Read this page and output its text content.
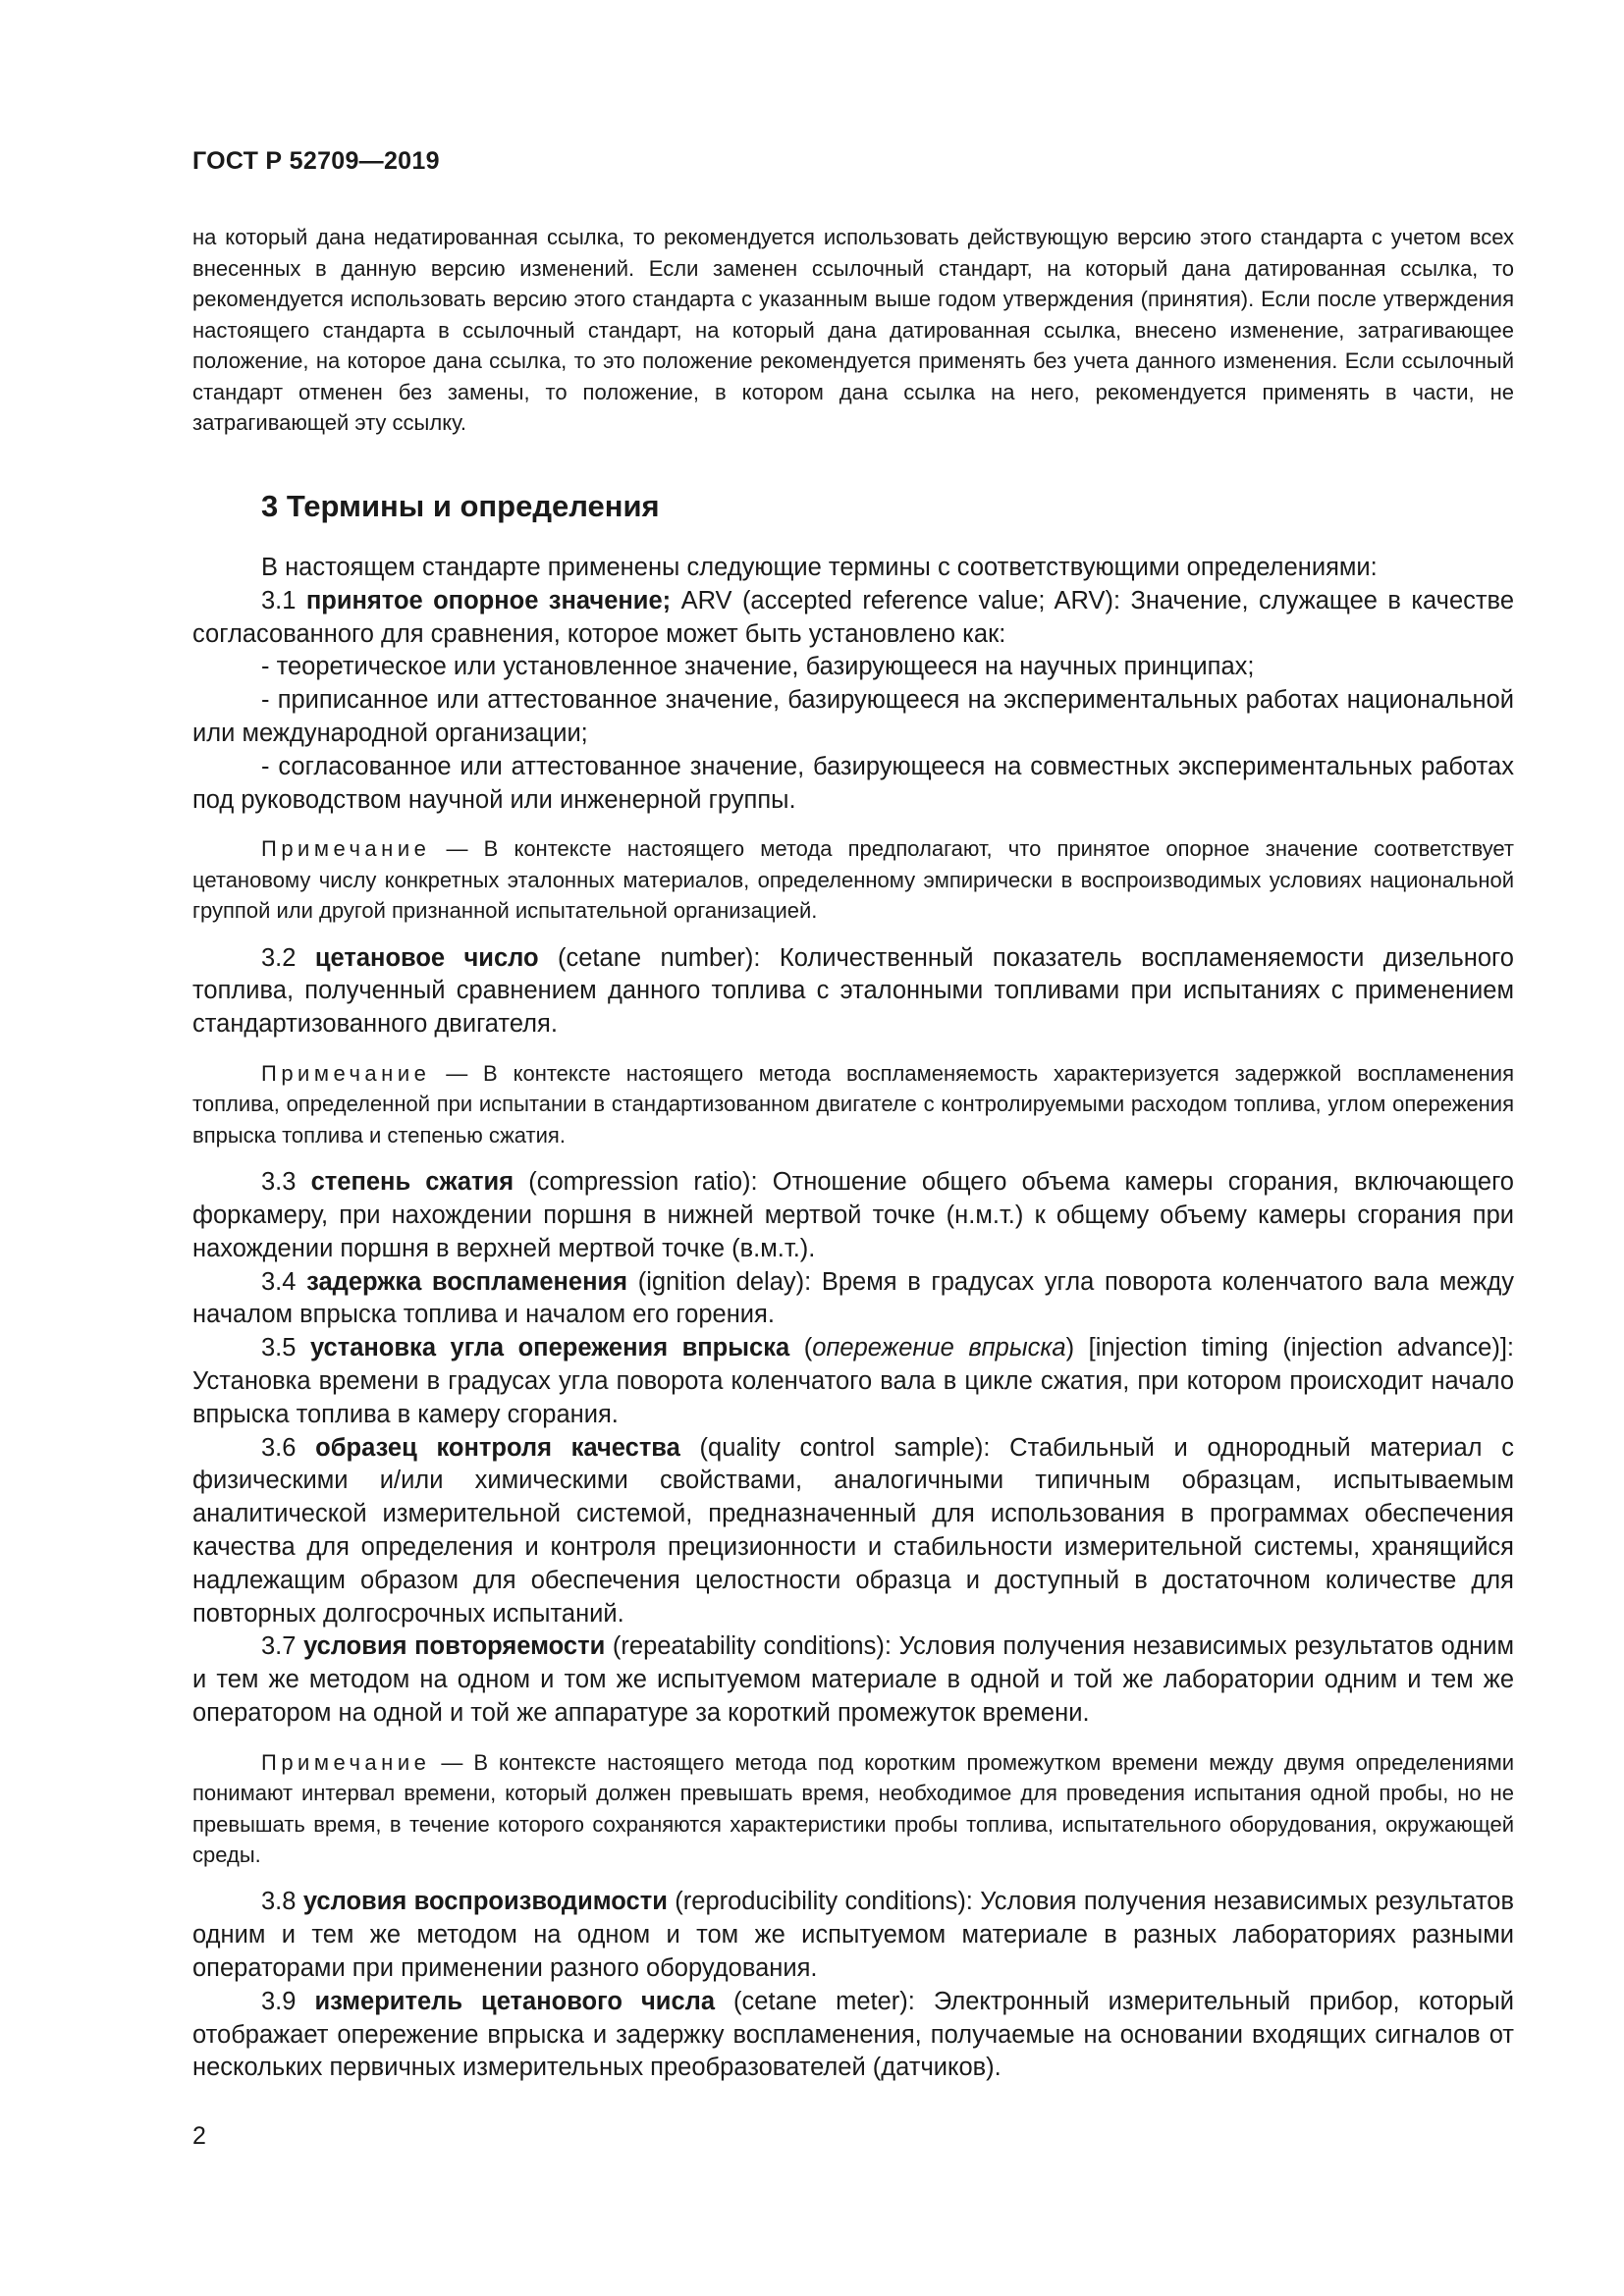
ГОСТ Р 52709—2019

на который дана недатированная ссылка, то рекомендуется использовать действующую версию этого стандарта с учетом всех внесенных в данную версию изменений. Если заменен ссылочный стандарт, на который дана датированная ссылка, то рекомендуется использовать версию этого стандарта с указанным выше годом утверждения (принятия). Если после утверждения настоящего стандарта в ссылочный стандарт, на который дана датированная ссылка, внесено изменение, затрагивающее положение, на которое дана ссылка, то это положение рекомендуется применять без учета данного изменения. Если ссылочный стандарт отменен без замены, то положение, в котором дана ссылка на него, рекомендуется применять в части, не затрагивающей эту ссылку.

3 Термины и определения

В настоящем стандарте применены следующие термины с соответствующими определениями:

3.1 принятое опорное значение; ARV (accepted reference value; ARV): Значение, служащее в качестве согласованного для сравнения, которое может быть установлено как:

- теоретическое или установленное значение, базирующееся на научных принципах;

- приписанное или аттестованное значение, базирующееся на экспериментальных работах национальной или международной организации;

- согласованное или аттестованное значение, базирующееся на совместных экспериментальных работах под руководством научной или инженерной группы.

Примечание — В контексте настоящего метода предполагают, что принятое опорное значение соответствует цетановому числу конкретных эталонных материалов, определенному эмпирически в воспроизводимых условиях национальной группой или другой признанной испытательной организацией.

3.2 цетановое число (cetane number): Количественный показатель воспламеняемости дизельного топлива, полученный сравнением данного топлива с эталонными топливами при испытаниях с применением стандартизованного двигателя.

Примечание — В контексте настоящего метода воспламеняемость характеризуется задержкой воспламенения топлива, определенной при испытании в стандартизованном двигателе с контролируемыми расходом топлива, углом опережения впрыска топлива и степенью сжатия.

3.3 степень сжатия (compression ratio): Отношение общего объема камеры сгорания, включающего форкамеру, при нахождении поршня в нижней мертвой точке (н.м.т.) к общему объему камеры сгорания при нахождении поршня в верхней мертвой точке (в.м.т.).

3.4 задержка воспламенения (ignition delay): Время в градусах угла поворота коленчатого вала между началом впрыска топлива и началом его горения.

3.5 установка угла опережения впрыска (опережение впрыска) [injection timing (injection advance)]: Установка времени в градусах угла поворота коленчатого вала в цикле сжатия, при котором происходит начало впрыска топлива в камеру сгорания.

3.6 образец контроля качества (quality control sample): Стабильный и однородный материал с физическими и/или химическими свойствами, аналогичными типичным образцам, испытываемым аналитической измерительной системой, предназначенный для использования в программах обеспечения качества для определения и контроля прецизионности и стабильности измерительной системы, хранящийся надлежащим образом для обеспечения целостности образца и доступный в достаточном количестве для повторных долгосрочных испытаний.

3.7 условия повторяемости (repeatability conditions): Условия получения независимых результатов одним и тем же методом на одном и том же испытуемом материале в одной и той же лаборатории одним и тем же оператором на одной и той же аппаратуре за короткий промежуток времени.

Примечание — В контексте настоящего метода под коротким промежутком времени между двумя определениями понимают интервал времени, который должен превышать время, необходимое для проведения испытания одной пробы, но не превышать время, в течение которого сохраняются характеристики пробы топлива, испытательного оборудования, окружающей среды.

3.8 условия воспроизводимости (reproducibility conditions): Условия получения независимых результатов одним и тем же методом на одном и том же испытуемом материале в разных лабораториях разными операторами при применении разного оборудования.

3.9 измеритель цетанового числа (cetane meter): Электронный измерительный прибор, который отображает опережение впрыска и задержку воспламенения, получаемые на основании входящих сигналов от нескольких первичных измерительных преобразователей (датчиков).

2
